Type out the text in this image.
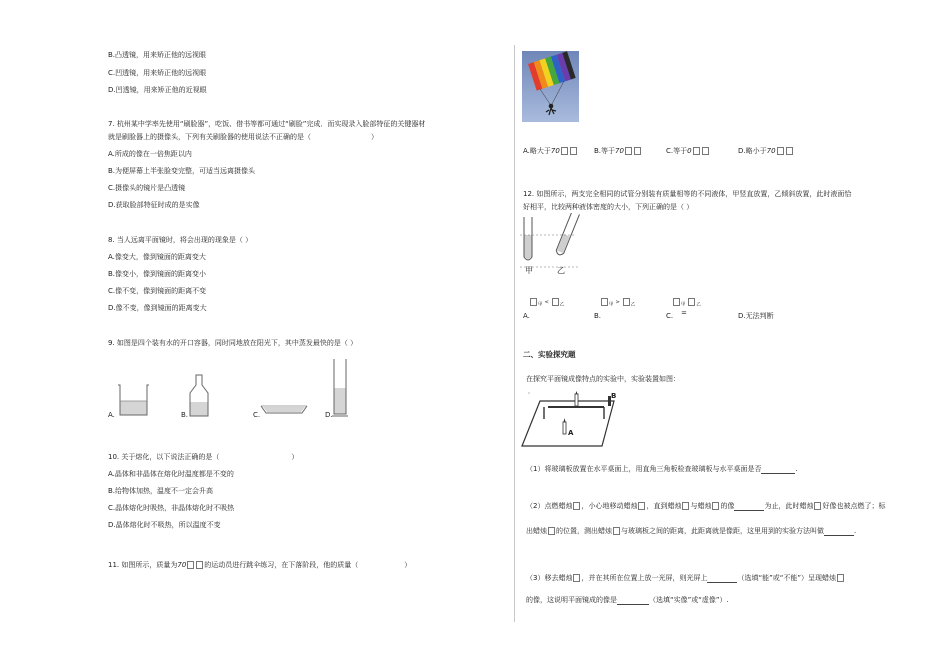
B.凸透镜，用来矫正他的远视眼
C.凹透镜，用来矫正他的远视眼
D.凹透镜，用来矫正他的近视眼
7. 杭州某中学率先使用“刷脸器”，吃饭、借书等都可通过“刷脸”完成．而实现录入脸部特征的关键器材
就是刷脸器上的摄像头，下列有关刷脸器的使用说法不正确的是（	）
A.所成的像在一倍焦距以内
B.为便屏幕上半张脸变完整，可适当远离摄像头
C.摄像头的镜片是凸透镜
D.获取脸部特征时成的是实像
8. 当人远离平面镜时，将会出现的现象是（ ）
A.像变大，像到镜面的距离变大
B.像变小，像到镜面的距离变小
C.像不变，像到镜面的距离不变
D.像不变，像到镜面的距离变大
9. 如图是四个装有水的开口容器，同时同地放在阳光下，其中蒸发最快的是（ ）
A.	B.	C.	D.
10. 关于熔化，以下说法正确的是（	）
A.晶体和非晶体在熔化时温度都是不变的
B.给物体加热，温度不一定会升高
C.晶体熔化时吸热，非晶体熔化时不吸热
D.晶体熔化时不吸热，所以温度不变
11. 如图所示，质量为70	的运动员进行跳伞练习，在下落阶段，他的质量（	）
A.略大于70	B.等于70	C.等于0	D.略小于70
12. 如图所示，两支完全相同的试管分别装有质量相等的不同液体，甲竖直放置，乙倾斜放置，此时液面恰
好相平，比较两种液体密度的大小，下列正确的是（ ）
甲	乙
$_甲$ < $_乙$	$_甲$ > $_乙$	$_甲$ $_乙$
=
A.	B.	C.	D.无法判断
二、实验探究题
在探究平面镜成像特点的实验中，实验装置如图：
B
A
（1）将玻璃板放置在水平桌面上，用直角三角板检查玻璃板与水平桌面是否	.
（2）点燃蜡烛 ，小心地移动蜡烛 ，直到蜡烛 与蜡烛 的像	为止，此时蜡烛 好像也被点燃了；标
出蜡烛 的位置，测出蜡烛 与玻璃板之间的距离，此距离就是像距，这里用到的实验方法叫做	.
（3）移去蜡烛 ，并在其所在位置上放一光屏，则光屏上	（选填“能”或“不能”）呈现蜡烛
的像，这说明平面镜成的像是	（选填“实像”或“虚像”）.
